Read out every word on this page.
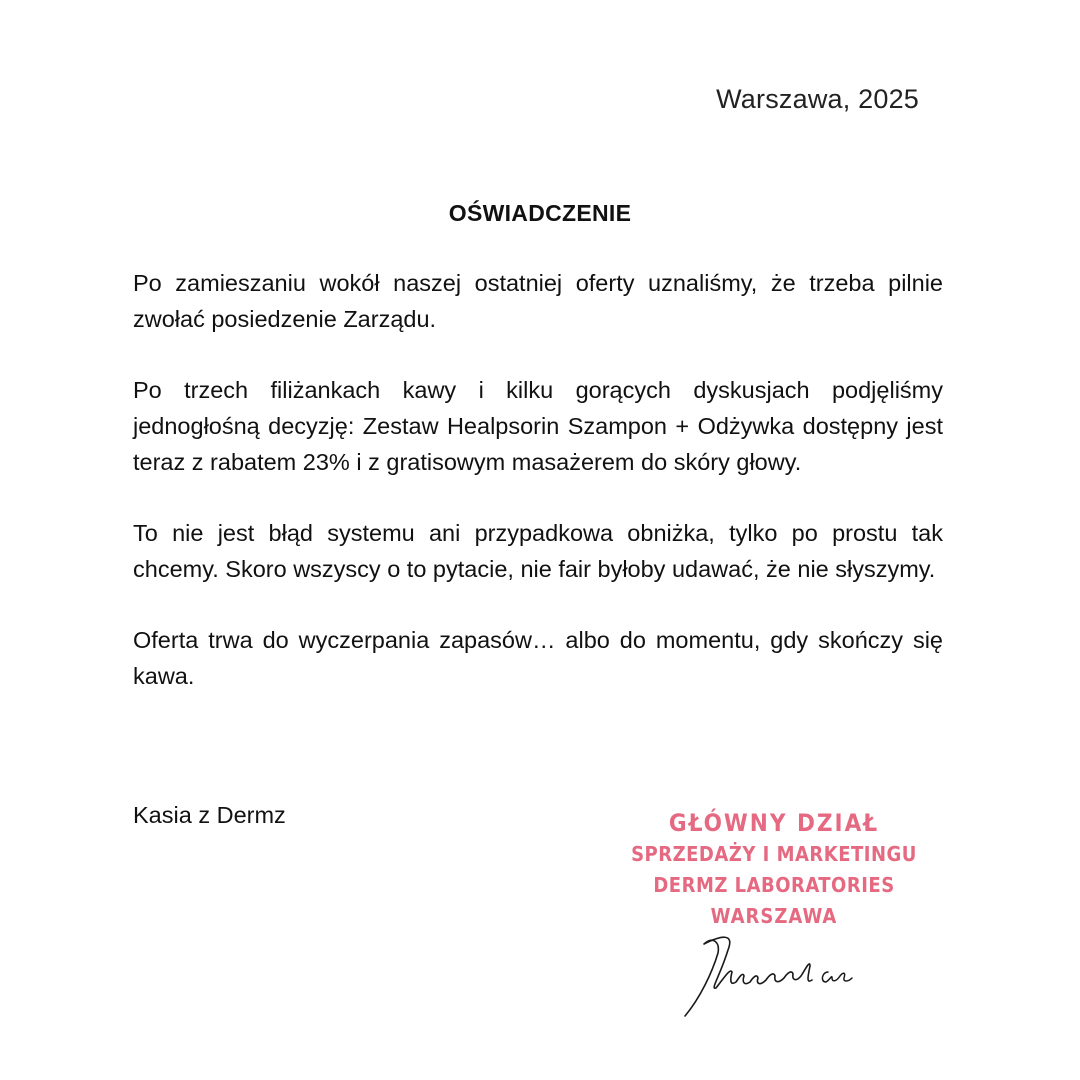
Warszawa, 2025
OŚWIADCZENIE

Po zamieszaniu wokół naszej ostatniej oferty uznaliśmy, że trzeba pilnie zwołać posiedzenie Zarządu.

Po trzech filiżankach kawy i kilku gorących dyskusjach podjęliśmy jednogłośną decyzję: Zestaw Healpsorin Szampon + Odżywka dostępny jest teraz z rabatem 23% i z gratisowym masażerem do skóry głowy.

To nie jest błąd systemu ani przypadkowa obniżka, tylko po prostu tak chcemy. Skoro wszyscy o to pytacie, nie fair byłoby udawać, że nie słyszymy.

Oferta trwa do wyczerpania zapasów… albo do momentu, gdy skończy się kawa.

Kasia z Dermz	GŁÓWNY DZIAŁ
SPRZEDAŻY I MARKETINGU
DERMZ LABORATORIES
WARSZAWA
